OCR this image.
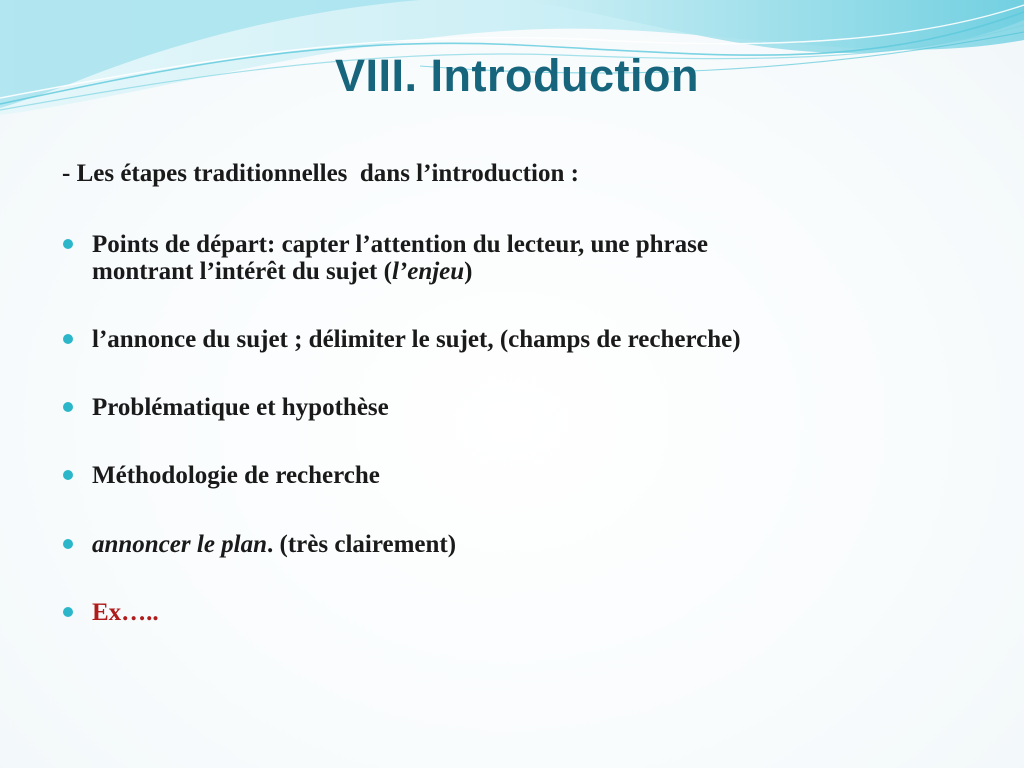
VIII. Introduction

- Les étapes traditionnelles  dans l’introduction :

Points de départ: capter l’attention du lecteur, une phrase
montrant l’intérêt du sujet (l’enjeu)
l’annonce du sujet ; délimiter le sujet, (champs de recherche)
Problématique et hypothèse
Méthodologie de recherche
annoncer le plan. (très clairement)
Ex…..
